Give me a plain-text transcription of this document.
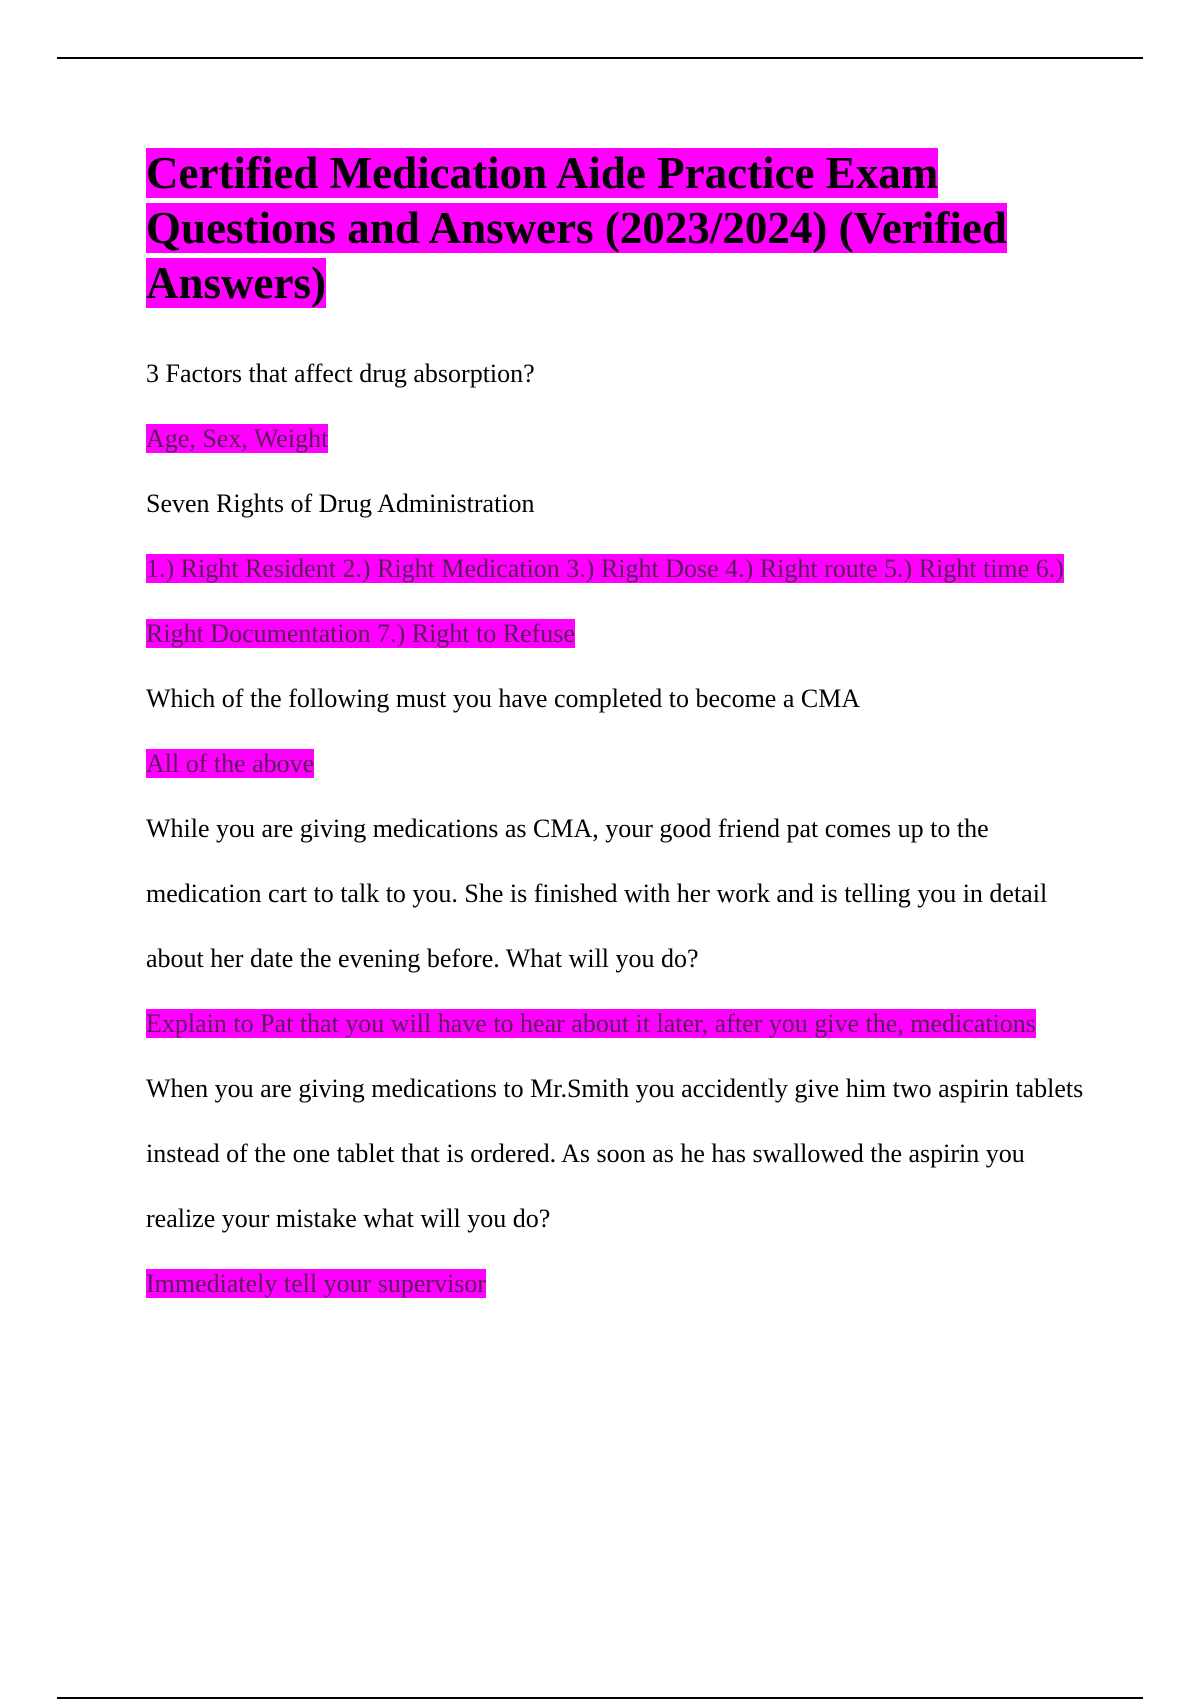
Certified Medication Aide Practice Exam Questions and Answers (2023/2024) (Verified Answers)

3 Factors that affect drug absorption?

Age, Sex, Weight

Seven Rights of Drug Administration

1.) Right Resident 2.) Right Medication 3.) Right Dose 4.) Right route 5.) Right time 6.) Right Documentation 7.) Right to Refuse

Which of the following must you have completed to become a CMA

All of the above

While you are giving medications as CMA, your good friend pat comes up to the medication cart to talk to you. She is finished with her work and is telling you in detail about her date the evening before. What will you do?

Explain to Pat that you will have to hear about it later, after you give the, medications

When you are giving medications to Mr.Smith you accidently give him two aspirin tablets instead of the one tablet that is ordered. As soon as he has swallowed the aspirin you realize your mistake what will you do?

Immediately tell your supervisor
